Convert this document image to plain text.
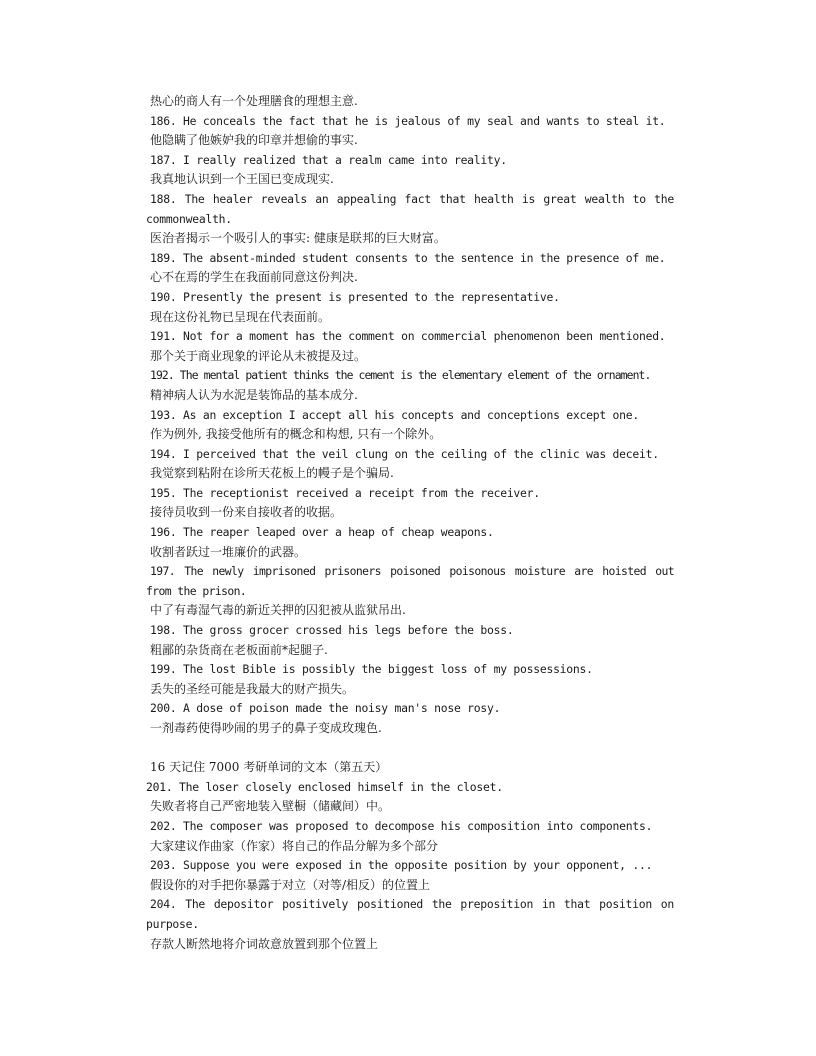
热心的商人有一个处理膳食的理想主意.
186. He conceals the fact that he is jealous of my seal and wants to steal it.
他隐瞒了他嫉妒我的印章并想偷的事实.
187. I really realized that a realm came into reality.
我真地认识到一个王国已变成现实.
188. The healer reveals an appealing fact that health is great wealth to the commonwealth.
医治者揭示一个吸引人的事实: 健康是联邦的巨大财富。
189. The absent-minded student consents to the sentence in the presence of me.
心不在焉的学生在我面前同意这份判决.
190. Presently the present is presented to the representative.
现在这份礼物已呈现在代表面前。
191. Not for a moment has the comment on commercial phenomenon been mentioned.
那个关于商业现象的评论从未被提及过。
192. The mental patient thinks the cement is the elementary element of the ornament.
精神病人认为水泥是装饰品的基本成分.
193. As an exception I accept all his concepts and conceptions except one.
作为例外, 我接受他所有的概念和构想, 只有一个除外。
194. I perceived that the veil clung on the ceiling of the clinic was deceit.
我觉察到粘附在诊所天花板上的幔子是个骗局.
195. The receptionist received a receipt from the receiver.
接待员收到一份来自接收者的收据。
196. The reaper leaped over a heap of cheap weapons.
收割者跃过一堆廉价的武器。
197. The newly imprisoned prisoners poisoned poisonous moisture are hoisted out from the prison.
中了有毒湿气毒的新近关押的囚犯被从监狱吊出.
198. The gross grocer crossed his legs before the boss.
粗鄙的杂货商在老板面前*起腿子.
199. The lost Bible is possibly the biggest loss of my possessions.
丢失的圣经可能是我最大的财产损失。
200. A dose of poison made the noisy man's nose rosy.
一剂毒药使得吵闹的男子的鼻子变成玫瑰色.
16 天记住 7000 考研单词的文本（第五天）
201. The loser closely enclosed himself in the closet.
失败者将自己严密地装入壁橱（储藏间）中。
202. The composer was proposed to decompose his composition into components.
大家建议作曲家（作家）将自己的作品分解为多个部分
203. Suppose you were exposed in the opposite position by your opponent, ...
假设你的对手把你暴露于对立（对等/相反）的位置上
204. The depositor positively positioned the preposition in that position on purpose.
存款人断然地将介词故意放置到那个位置上
